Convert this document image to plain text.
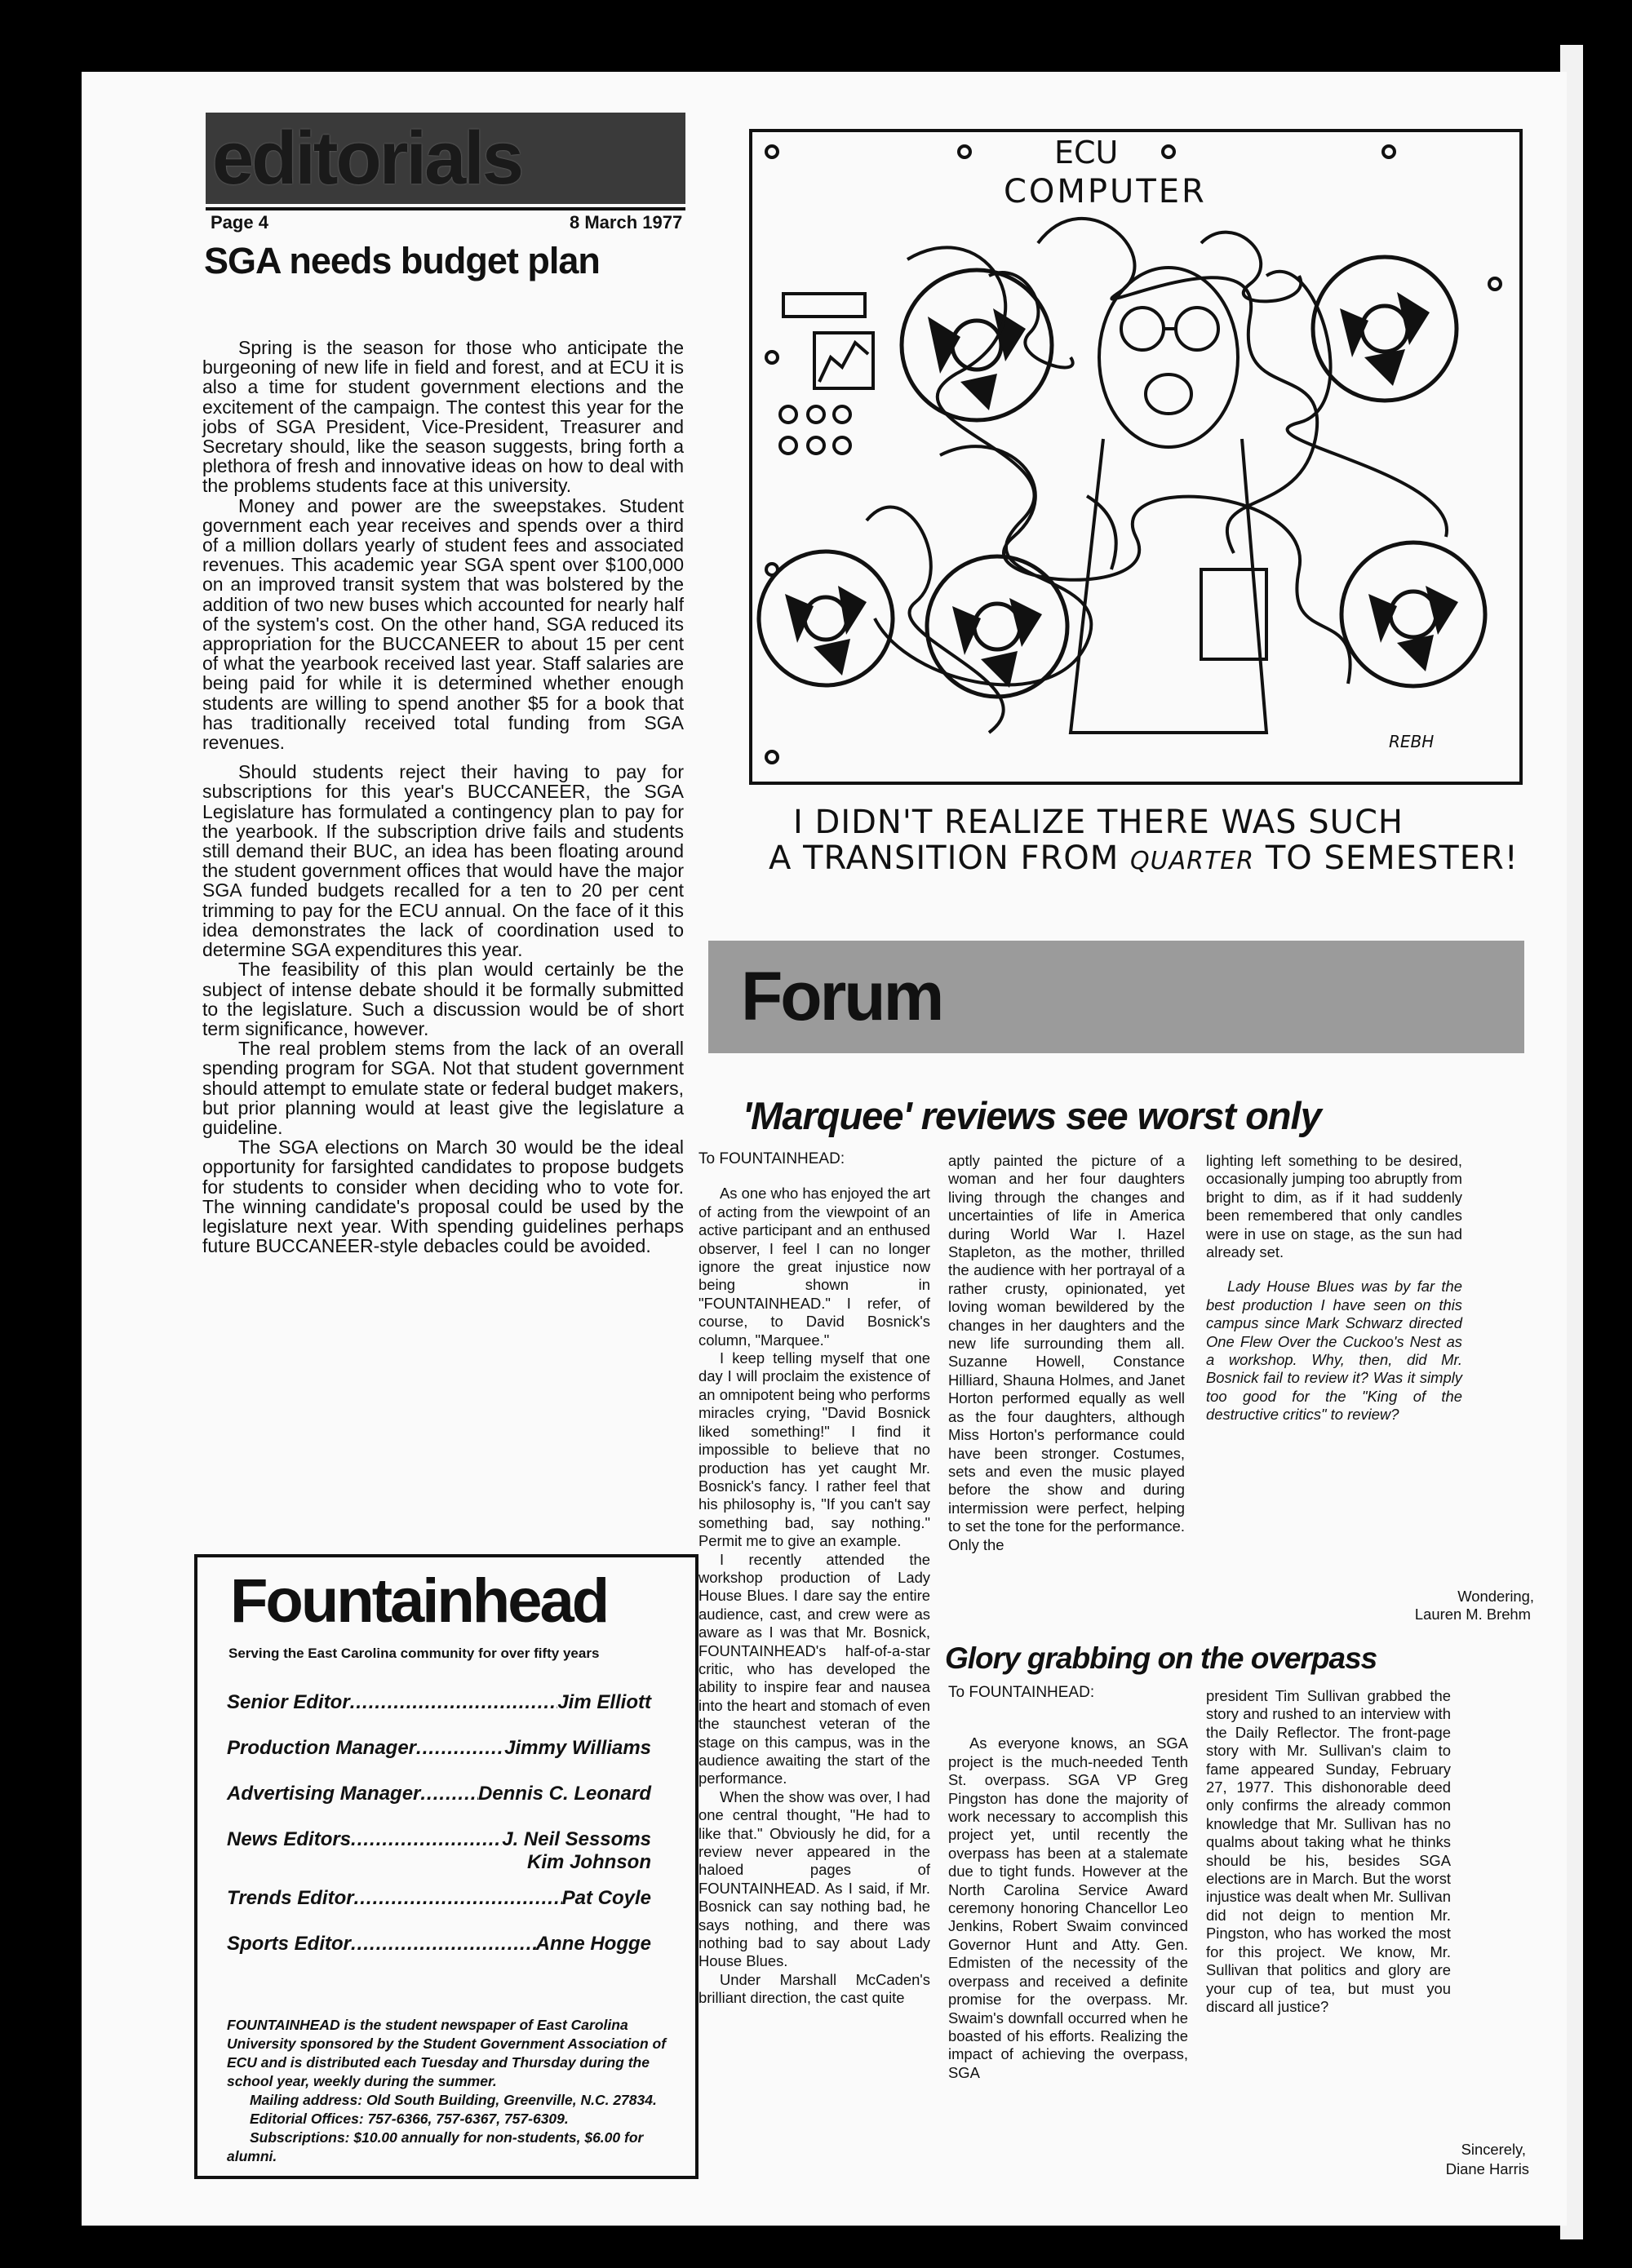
editorials
Page 4	8 March 1977
SGA needs budget plan

Spring is the season for those who anticipate the burgeoning of new life in field and forest, and at ECU it is also a time for student government elections and the excitement of the campaign. The contest this year for the jobs of SGA President, Vice-President, Treasurer and Secretary should, like the season suggests, bring forth a plethora of fresh and innovative ideas on how to deal with the problems students face at this university.

Money and power are the sweepstakes. Student government each year receives and spends over a third of a million dollars yearly of student fees and associated revenues. This academic year SGA spent over $100,000 on an improved transit system that was bolstered by the addition of two new buses which accounted for nearly half of the system's cost. On the other hand, SGA reduced its appropriation for the BUCCANEER to about 15 per cent of what the yearbook received last year. Staff salaries are being paid for while it is determined whether enough students are willing to spend another $5 for a book that has traditionally received total funding from SGA revenues.

Should students reject their having to pay for subscriptions for this year's BUCCANEER, the SGA Legislature has formulated a contingency plan to pay for the yearbook. If the subscription drive fails and students still demand their BUC, an idea has been floating around the student government offices that would have the major SGA funded budgets recalled for a ten to 20 per cent trimming to pay for the ECU annual. On the face of it this idea demonstrates the lack of coordination used to determine SGA expenditures this year.

The feasibility of this plan would certainly be the subject of intense debate should it be formally submitted to the legislature. Such a discussion would be of short term significance, however.

The real problem stems from the lack of an overall spending program for SGA. Not that student government should attempt to emulate state or federal budget makers, but prior planning would at least give the legislature a guideline.

The SGA elections on March 30 would be the ideal opportunity for farsighted candidates to propose budgets for students to consider when deciding who to vote for. The winning candidate's proposal could be used by the legislature next year. With spending guidelines perhaps future BUCCANEER-style debacles could be avoided.

Fountainhead
Serving the East Carolina community for over fifty years
Senior Editor .....	Jim Elliott
Production Manager .....	Jimmy Williams
Advertising Manager .....	Dennis C. Leonard
News Editors .....	J. Neil Sessoms
Kim Johnson
Trends Editor .....	Pat Coyle
Sports Editor .....	Anne Hogge

FOUNTAINHEAD is the student newspaper of East Carolina University sponsored by the Student Government Association of ECU and is distributed each Tuesday and Thursday during the school year, weekly during the summer.

Mailing address: Old South Building, Greenville, N.C. 27834.

Editorial Offices: 757-6366, 757-6367, 757-6309.

Subscriptions: $10.00 annually for non-students, $6.00 for alumni.

ECU
COMPUTER
REBH
I DIDN'T REALIZE THERE WAS SUCH
A TRANSITION FROM QUARTER TO SEMESTER!
Forum
'Marquee' reviews see worst only

To FOUNTAINHEAD:

As one who has enjoyed the art of acting from the viewpoint of an active participant and an enthused observer, I feel I can no longer ignore the great injustice now being shown in "FOUNTAINHEAD." I refer, of course, to David Bosnick's column, "Marquee."

I keep telling myself that one day I will proclaim the existence of an omnipotent being who performs miracles crying, "David Bosnick liked something!" I find it impossible to believe that no production has yet caught Mr. Bosnick's fancy. I rather feel that his philosophy is, "If you can't say something bad, say nothing." Permit me to give an example.

I recently attended the workshop production of Lady House Blues. I dare say the entire audience, cast, and crew were as aware as I was that Mr. Bosnick, FOUNTAINHEAD's half-of-a-star critic, who has developed the ability to inspire fear and nausea into the heart and stomach of even the staunchest veteran of the stage on this campus, was in the audience awaiting the start of the performance.

When the show was over, I had one central thought, "He had to like that." Obviously he did, for a review never appeared in the haloed pages of FOUNTAINHEAD. As I said, if Mr. Bosnick can say nothing bad, he says nothing, and there was nothing bad to say about Lady House Blues.

Under Marshall McCaden's brilliant direction, the cast quite

aptly painted the picture of a woman and her four daughters living through the changes and uncertainties of life in America during World War I. Hazel Stapleton, as the mother, thrilled the audience with her portrayal of a rather crusty, opinionated, yet loving woman bewildered by the changes in her daughters and the new life surrounding them all. Suzanne Howell, Constance Hilliard, Shauna Holmes, and Janet Horton performed equally as well as the four daughters, although Miss Horton's performance could have been stronger. Costumes, sets and even the music played before the show and during intermission were perfect, helping to set the tone for the performance. Only the

lighting left something to be desired, occasionally jumping too abruptly from bright to dim, as if it had suddenly been remembered that only candles were in use on stage, as the sun had already set.

Lady House Blues was by far the best production I have seen on this campus since Mark Schwarz directed One Flew Over the Cuckoo's Nest as a workshop. Why, then, did Mr. Bosnick fail to review it? Was it simply too good for the "King of the destructive critics" to review?

Wondering,
Lauren M. Brehm
Glory grabbing on the overpass

To FOUNTAINHEAD:

As everyone knows, an SGA project is the much-needed Tenth St. overpass. SGA VP Greg Pingston has done the majority of work necessary to accomplish this project yet, until recently the overpass has been at a stalemate due to tight funds. However at the North Carolina Service Award ceremony honoring Chancellor Leo Jenkins, Robert Swaim convinced Governor Hunt and Atty. Gen. Edmisten of the necessity of the overpass and received a definite promise for the overpass. Mr. Swaim's downfall occurred when he boasted of his efforts. Realizing the impact of achieving the overpass, SGA

president Tim Sullivan grabbed the story and rushed to an interview with the Daily Reflector. The front-page story with Mr. Sullivan's claim to fame appeared Sunday, February 27, 1977. This dishonorable deed only confirms the already common knowledge that Mr. Sullivan has no qualms about taking what he thinks should be his, besides SGA elections are in March. But the worst injustice was dealt when Mr. Sullivan did not deign to mention Mr. Pingston, who has worked the most for this project. We know, Mr. Sullivan that politics and glory are your cup of tea, but must you discard all justice?

Sincerely,
Diane Harris
